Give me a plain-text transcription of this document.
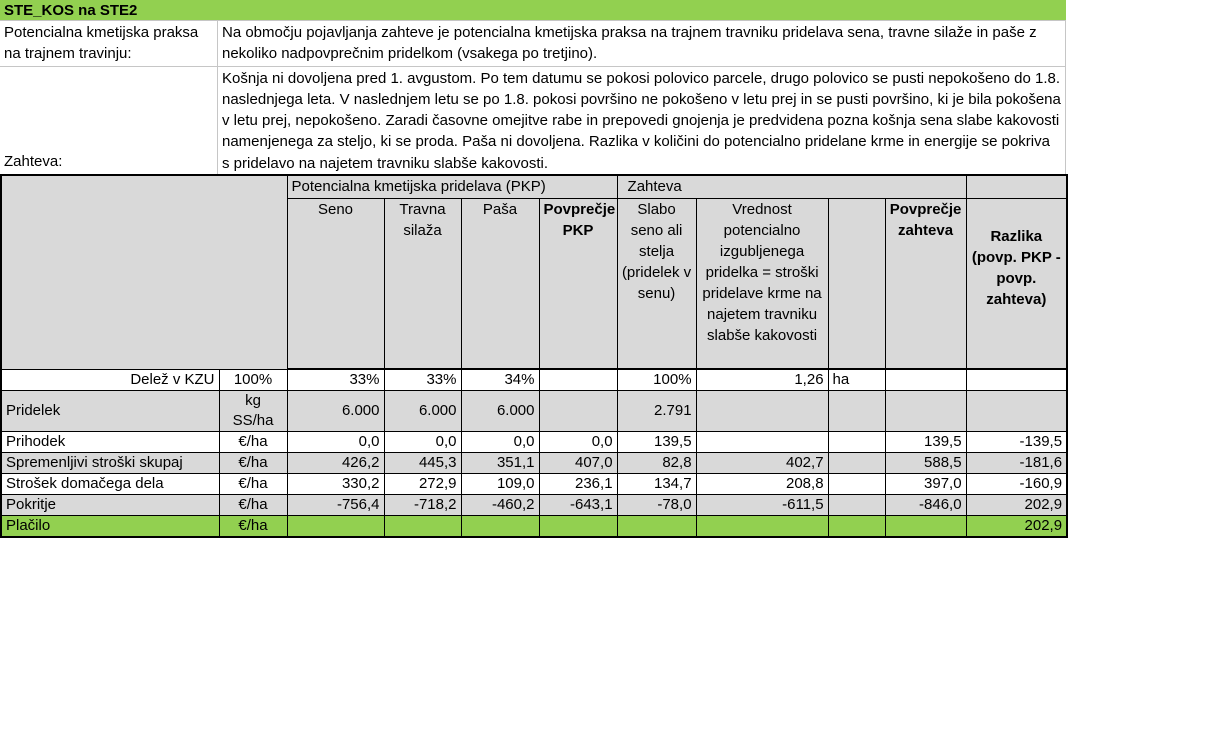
STE_KOS na STE2
Potencialna kmetijska praksa na trajnem travinju:
Na območju pojavljanja zahteve je potencialna kmetijska praksa na trajnem travniku pridelava sena, travne silaže in paše z nekoliko nadpovprečnim pridelkom (vsakega po tretjino).
Zahteva:
Košnja ni dovoljena pred 1. avgustom. Po tem datumu se pokosi polovico parcele, drugo polovico se pusti nepokošeno do 1.8. naslednjega leta. V naslednjem letu se po 1.8. pokosi površino ne pokošeno v letu prej in se pusti površino, ki je bila pokošena v letu prej, nepokošeno. Zaradi časovne omejitve rabe in prepovedi gnojenja je predvidena pozna košnja sena slabe kakovosti namenjenega za steljo, ki se proda. Paša ni dovoljena. Razlika v količini do potencialno pridelane krme in energije se pokriva s pridelavo na najetem travniku slabše kakovosti.
		Potencialna kmetijska pridelava (PKP)				Zahteva				
		Seno	Travna silaža	Paša	Povprečje PKP	Slabo seno ali stelja (pridelek v senu)	Vrednost potencialno izgubljenega pridelka = stroški pridelave krme na najetem travniku slabše kakovosti		Povprečje zahteva	Razlika (povp. PKP - povp. zahteva)
Delež v KZU	100%	33%	33%	34%		100%	1,26	ha		
Pridelek	kg SS/ha	6.000	6.000	6.000		2.791				
Prihodek	€/ha	0,0	0,0	0,0	0,0	139,5			139,5	-139,5
Spremenljivi stroški skupaj	€/ha	426,2	445,3	351,1	407,0	82,8	402,7		588,5	-181,6
Strošek domačega dela	€/ha	330,2	272,9	109,0	236,1	134,7	208,8		397,0	-160,9
Pokritje	€/ha	-756,4	-718,2	-460,2	-643,1	-78,0	-611,5		-846,0	202,9
Plačilo	€/ha									202,9
